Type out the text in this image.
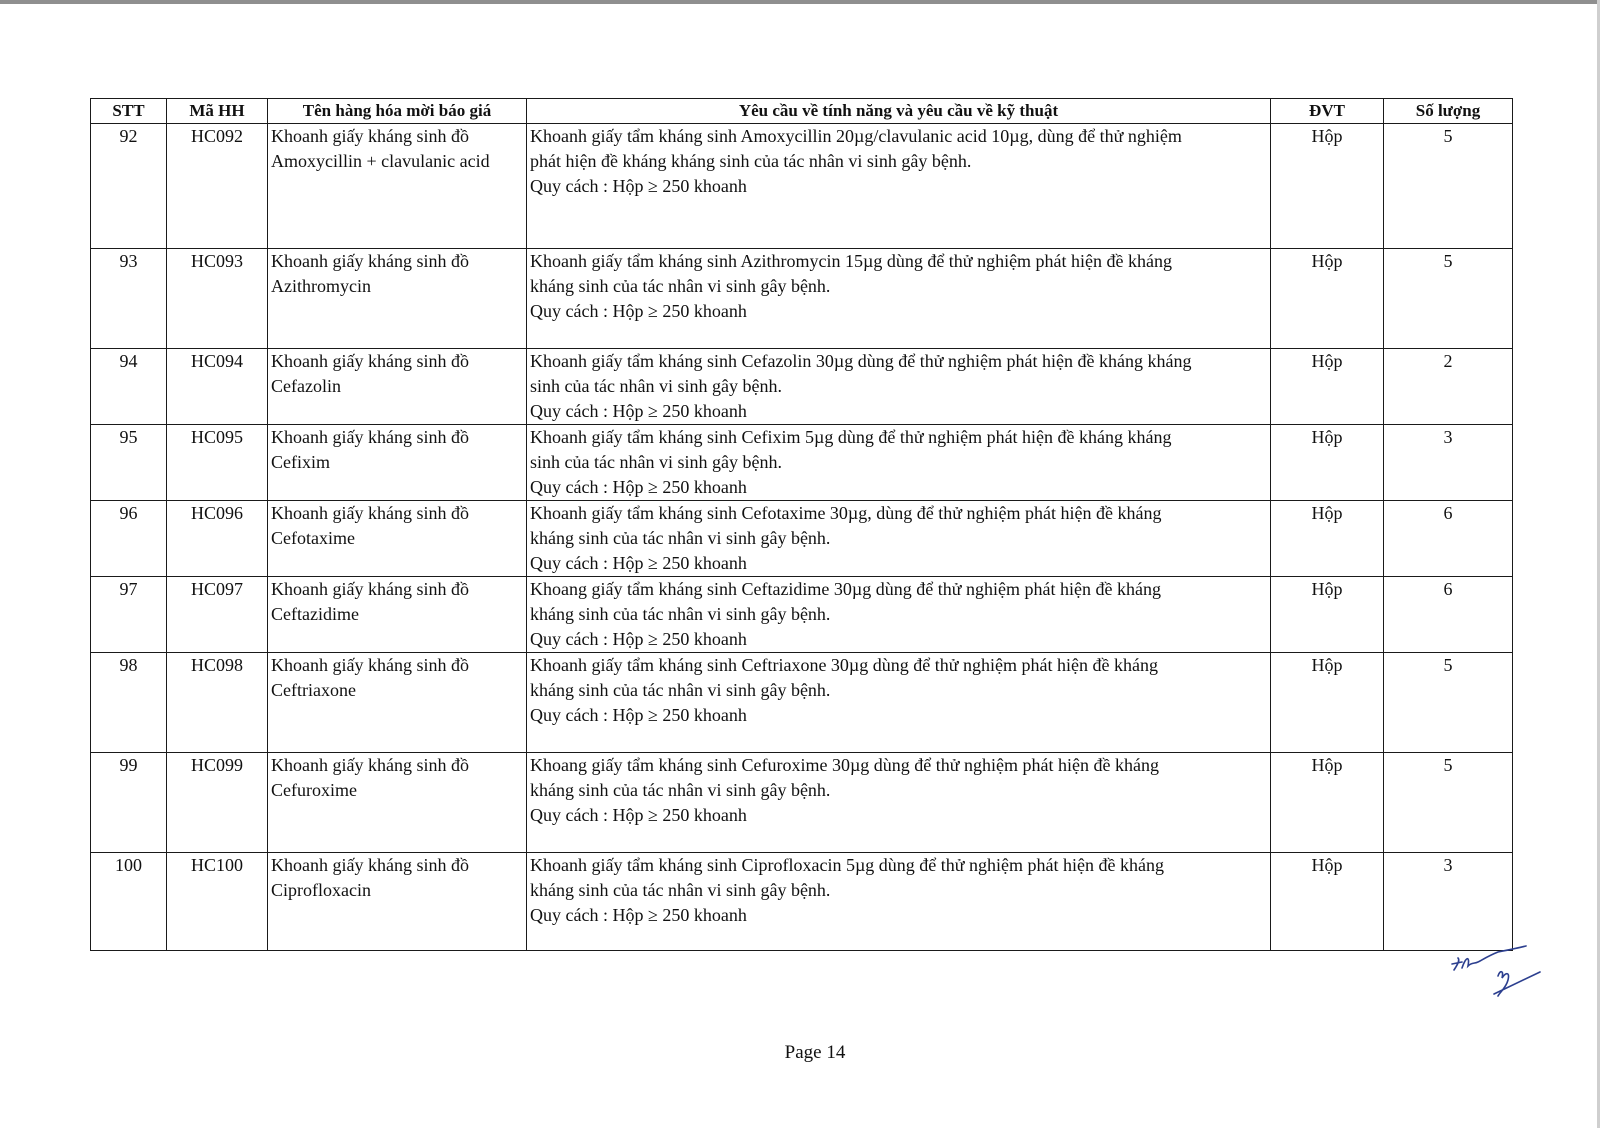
STT	Mã HH	Tên hàng hóa mời báo giá	Yêu cầu về tính năng và yêu cầu về kỹ thuật	ĐVT	Số lượng
92	HC092	Khoanh giấy kháng sinh đồ
Amoxycillin + clavulanic acid	Khoanh giấy tẩm kháng sinh Amoxycillin 20µg/clavulanic acid 10µg, dùng để thử nghiệm
phát hiện đề kháng kháng sinh của tác nhân vi sinh gây bệnh.
Quy cách : Hộp ≥ 250 khoanh	Hộp	5
93	HC093	Khoanh giấy kháng sinh đồ
Azithromycin	Khoanh giấy tẩm kháng sinh Azithromycin 15µg dùng để thử nghiệm phát hiện đề kháng
kháng sinh của tác nhân vi sinh gây bệnh.
Quy cách : Hộp ≥ 250 khoanh	Hộp	5
94	HC094	Khoanh giấy kháng sinh đồ
Cefazolin	Khoanh giấy tẩm kháng sinh Cefazolin 30µg dùng để thử nghiệm phát hiện đề kháng kháng
sinh của tác nhân vi sinh gây bệnh.
Quy cách : Hộp ≥ 250 khoanh	Hộp	2
95	HC095	Khoanh giấy kháng sinh đồ
Cefixim	Khoanh giấy tẩm kháng sinh Cefixim 5µg dùng để thử nghiệm phát hiện đề kháng kháng
sinh của tác nhân vi sinh gây bệnh.
Quy cách : Hộp ≥ 250 khoanh	Hộp	3
96	HC096	Khoanh giấy kháng sinh đồ
Cefotaxime	Khoanh giấy tẩm kháng sinh Cefotaxime 30µg, dùng để thử nghiệm phát hiện đề kháng
kháng sinh của tác nhân vi sinh gây bệnh.
Quy cách : Hộp ≥ 250 khoanh	Hộp	6
97	HC097	Khoanh giấy kháng sinh đồ
Ceftazidime	Khoang giấy tẩm kháng sinh Ceftazidime 30µg dùng để thử nghiệm phát hiện đề kháng
kháng sinh của tác nhân vi sinh gây bệnh.
Quy cách : Hộp ≥ 250 khoanh	Hộp	6
98	HC098	Khoanh giấy kháng sinh đồ
Ceftriaxone	Khoanh giấy tẩm kháng sinh Ceftriaxone 30µg dùng để thử nghiệm phát hiện đề kháng
kháng sinh của tác nhân vi sinh gây bệnh.
Quy cách : Hộp ≥ 250 khoanh	Hộp	5
99	HC099	Khoanh giấy kháng sinh đồ
Cefuroxime	Khoang giấy tẩm kháng sinh Cefuroxime 30µg dùng để thử nghiệm phát hiện đề kháng
kháng sinh của tác nhân vi sinh gây bệnh.
Quy cách : Hộp ≥ 250 khoanh	Hộp	5
100	HC100	Khoanh giấy kháng sinh đồ
Ciprofloxacin	Khoanh giấy tẩm kháng sinh Ciprofloxacin 5µg dùng để thử nghiệm phát hiện đề kháng
kháng sinh của tác nhân vi sinh gây bệnh.
Quy cách : Hộp ≥ 250 khoanh	Hộp	3
Page 14
